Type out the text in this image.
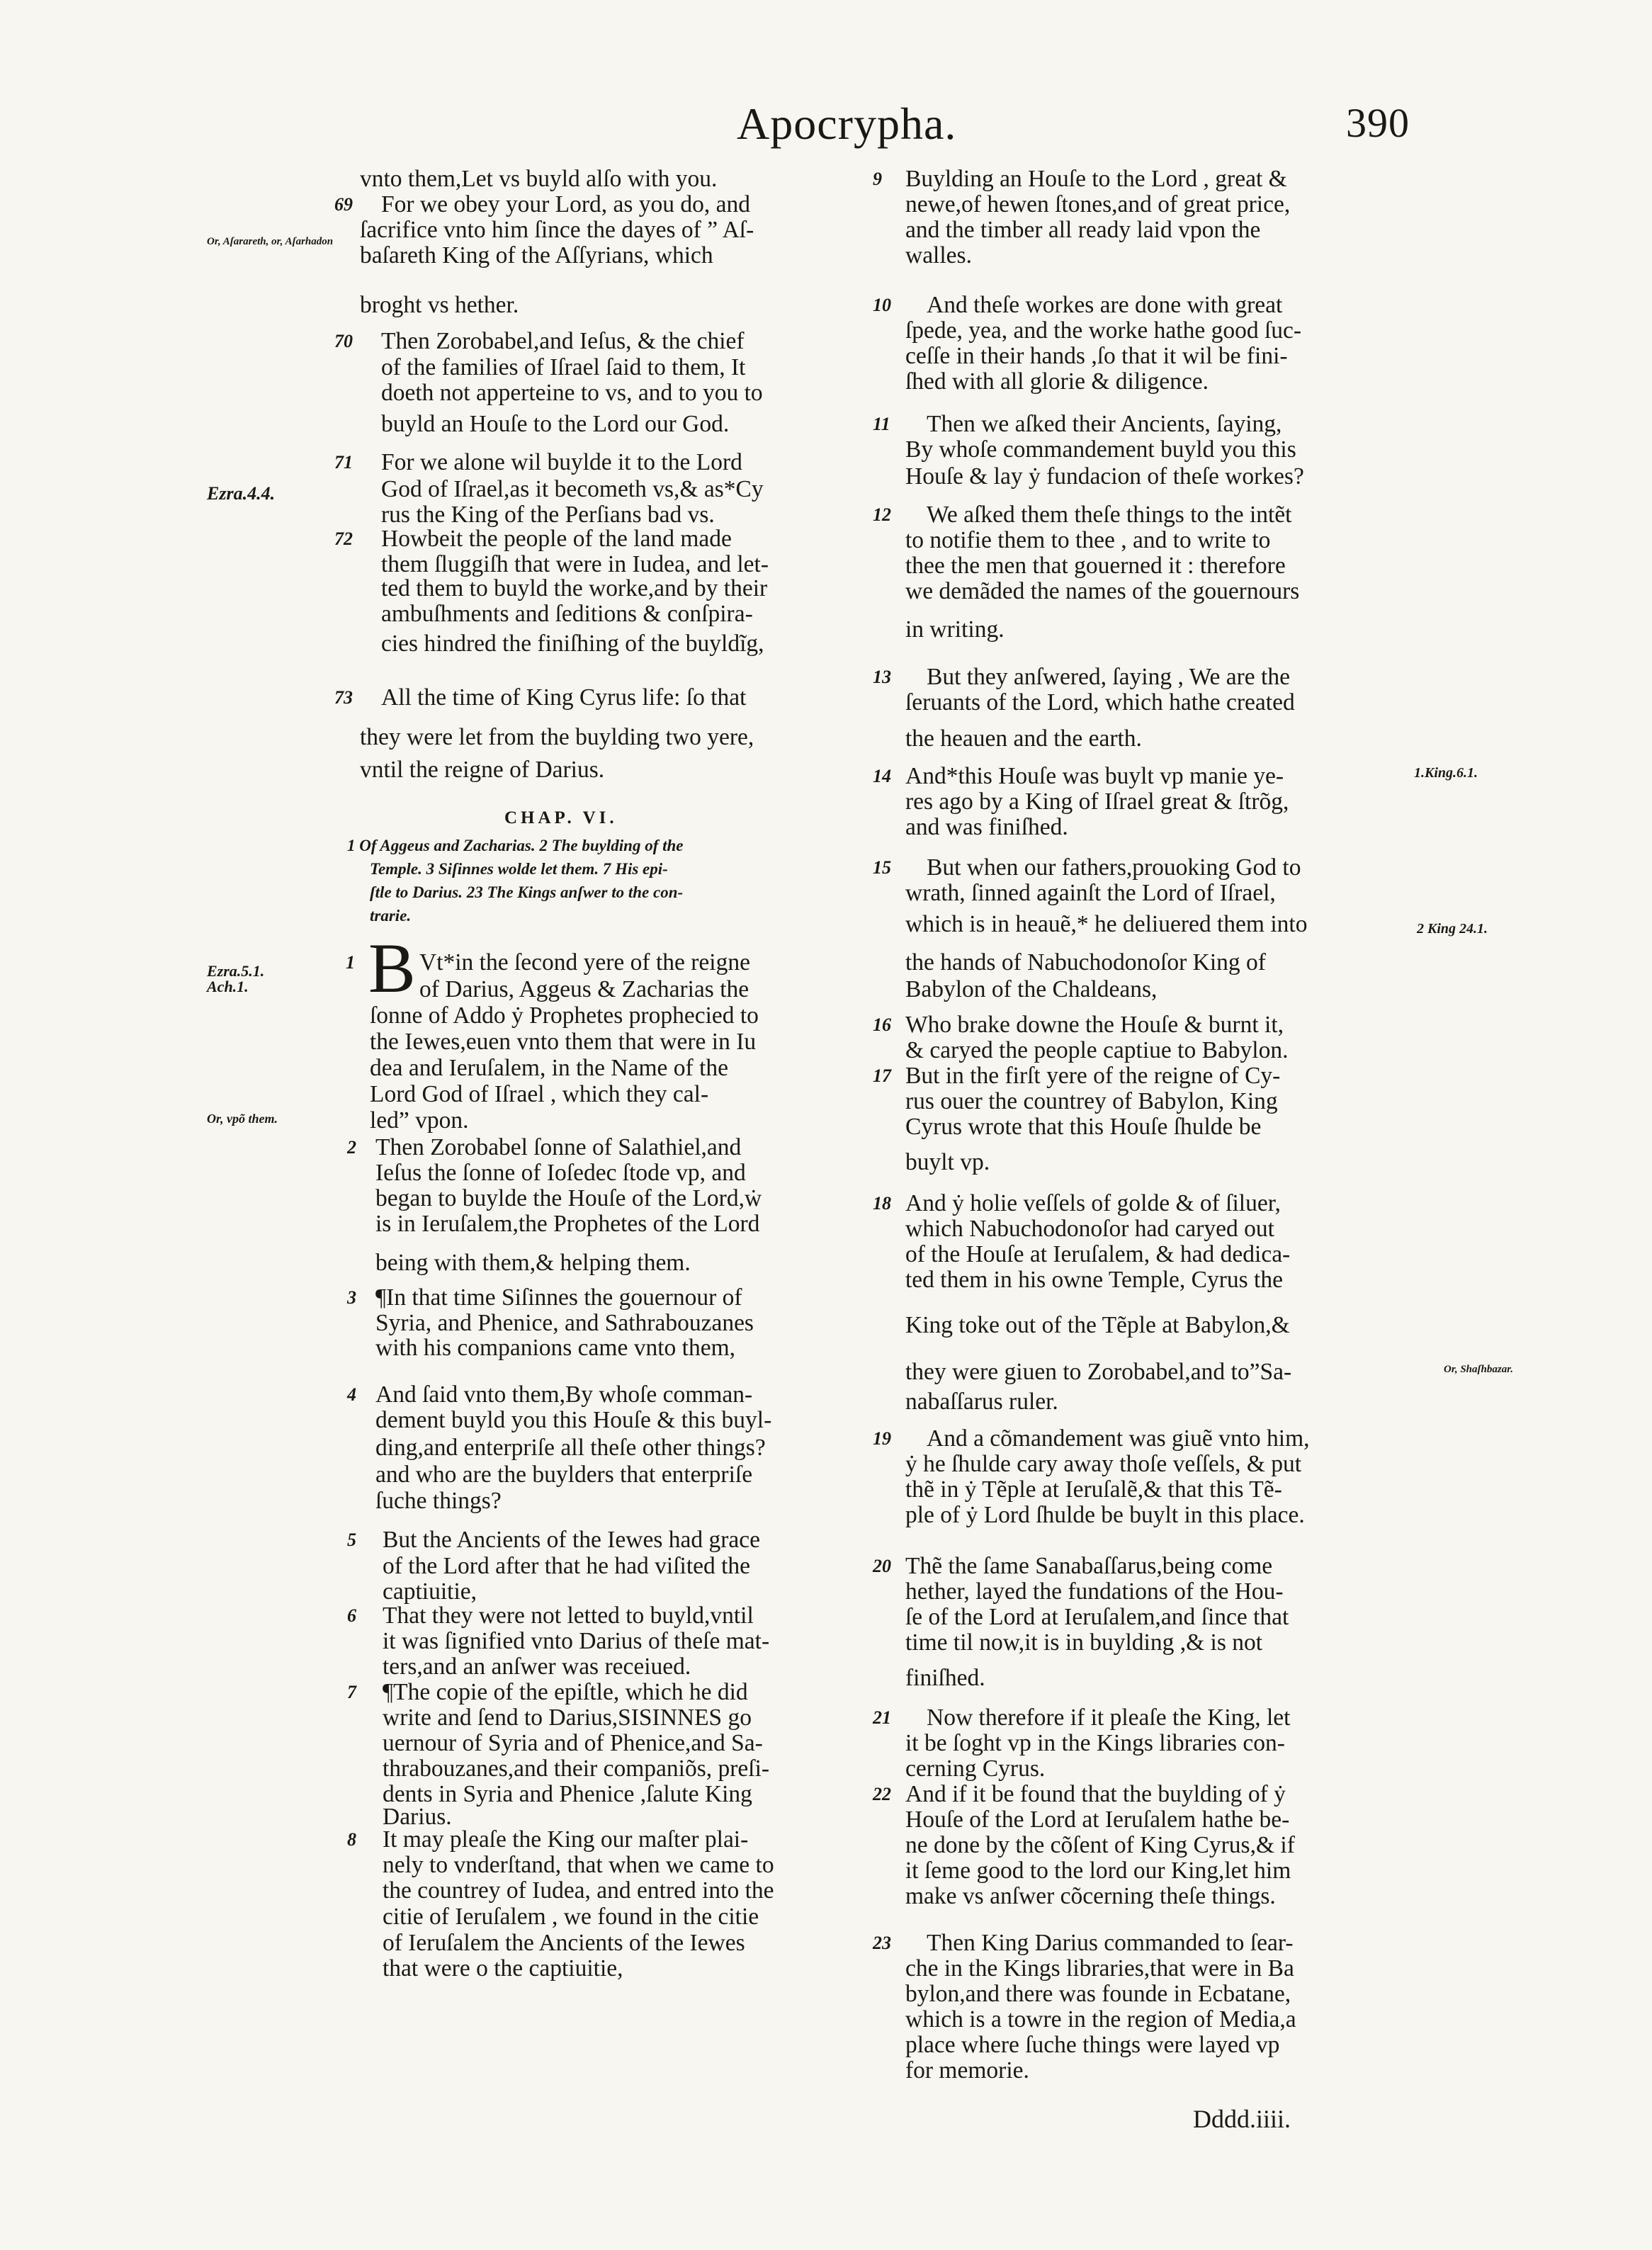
Apocrypha.	390
69
70
71
72
73
vnto them,Let vs buyld alſo with you.
For we obey your Lord, as you do, and
ſacrifice vnto him ſince the dayes of ” Aſ-
baſareth King of the Aſſyrians, which
broght vs hether.
Then Zorobabel,and Ieſus, & the chief
of the families of Iſrael ſaid to them, It
doeth not apperteine to vs, and to you to
buyld an Houſe to the Lord our God.
For we alone wil buylde it to the Lord
God of Iſrael,as it becometh vs,& as*Cy
rus the King of the Perſians bad vs.
Howbeit the people of the land made
them ſluggiſh that were in Iudea, and let-
ted them to buyld the worke,and by their
ambuſhments and ſeditions & conſpira-
cies hindred the finiſhing of the buyldĩg,
All the time of King Cyrus life: ſo that
they were let from the buylding two yere,
vntil the reigne of Darius.
CHAP. VI.
1 Of Aggeus and Zacharias. 2 The buylding of the
Temple. 3 Siſinnes wolde let them. 7 His epi-
ſtle to Darius. 23 The Kings anſwer to the con-
trarie.
B
1
2
3
4
5
6
7
8
Vt*in the ſecond yere of the reigne
of Darius, Aggeus & Zacharias the
ſonne of Addo ẏ Prophetes prophecied to
the Iewes,euen vnto them that were in Iu
dea and Ieruſalem, in the Name of the
Lord God of Iſrael , which they cal-
led” vpon.
Then Zorobabel ſonne of Salathiel,and
Ieſus the ſonne of Ioſedec ſtode vp, and
began to buylde the Houſe of the Lord,ẇ
is in Ieruſalem,the Prophetes of the Lord
being with them,& helping them.
¶In that time Siſinnes the gouernour of
Syria, and Phenice, and Sathrabouzanes
with his companions came vnto them,
And ſaid vnto them,By whoſe comman-
dement buyld you this Houſe & this buyl-
ding,and enterpriſe all theſe other things?
and who are the buylders that enterpriſe
ſuche things?
But the Ancients of the Iewes had grace
of the Lord after that he had viſited the
captiuitie,
That they were not letted to buyld,vntil
it was ſignified vnto Darius of theſe mat-
ters,and an anſwer was receiued.
¶The copie of the epiſtle, which he did
write and ſend to Darius,SISINNES go
uernour of Syria and of Phenice,and Sa-
thrabouzanes,and their companiõs, preſi-
dents in Syria and Phenice ,ſalute King
Darius.
It may pleaſe the King our maſter plai-
nely to vnderſtand, that when we came to
the countrey of Iudea, and entred into the
citie of Ieruſalem , we found in the citie
of Ieruſalem the Ancients of the Iewes
that were o the captiuitie,
9
10
11
12
13
14
15
16
17
18
19
20
21
22
23
Buylding an Houſe to the Lord , great &
newe,of hewen ſtones,and of great price,
and the timber all ready laid vpon the
walles.
And theſe workes are done with great
ſpede, yea, and the worke hathe good ſuc-
ceſſe in their hands ,ſo that it wil be fini-
ſhed with all glorie & diligence.
Then we aſked their Ancients, ſaying,
By whoſe commandement buyld you this
Houſe & lay ẏ fundacion of theſe workes?
We aſked them theſe things to the intẽt
to notifie them to thee , and to write to
thee the men that gouerned it : therefore
we demãded the names of the gouernours
in writing.
But they anſwered, ſaying , We are the
ſeruants of the Lord, which hathe created
the heauen and the earth.
And*this Houſe was buylt vp manie ye-
res ago by a King of Iſrael great & ſtrõg,
and was finiſhed.
But when our fathers,prouoking God to
wrath, ſinned againſt the Lord of Iſrael,
which is in heauẽ,* he deliuered them into
the hands of Nabuchodonoſor King of
Babylon of the Chaldeans,
Who brake downe the Houſe & burnt it,
& caryed the people captiue to Babylon.
But in the firſt yere of the reigne of Cy-
rus ouer the countrey of Babylon, King
Cyrus wrote that this Houſe ſhulde be
buylt vp.
And ẏ holie veſſels of golde & of ſiluer,
which Nabuchodonoſor had caryed out
of the Houſe at Ieruſalem, & had dedica-
ted them in his owne Temple, Cyrus the
King toke out of the Tẽple at Babylon,&
they were giuen to Zorobabel,and to”Sa-
nabaſſarus ruler.
And a cõmandement was giuẽ vnto him,
ẏ he ſhulde cary away thoſe veſſels, & put
thẽ in ẏ Tẽple at Ieruſalẽ,& that this Tẽ-
ple of ẏ Lord ſhulde be buylt in this place.
Thẽ the ſame Sanabaſſarus,being come
hether, layed the fundations of the Hou-
ſe of the Lord at Ieruſalem,and ſince that
time til now,it is in buylding ,& is not
finiſhed.
Now therefore if it pleaſe the King, let
it be ſoght vp in the Kings libraries con-
cerning Cyrus.
And if it be found that the buylding of ẏ
Houſe of the Lord at Ieruſalem hathe be-
ne done by the cõſent of King Cyrus,& if
it ſeme good to the lord our King,let him
make vs anſwer cõcerning theſe things.
Then King Darius commanded to ſear-
che in the Kings libraries,that were in Ba
bylon,and there was founde in Ecbatane,
which is a towre in the region of Media,a
place where ſuche things were layed vp
for memorie.
Or, Aſarareth, or, Aſarhadon
Ezra.4.4.
Ezra.5.1. Ach.1.
Or, vpõ them.
1.King.6.1.
2 King 24.1.
Or, Shaſhbazar.
Dddd.iiii.
